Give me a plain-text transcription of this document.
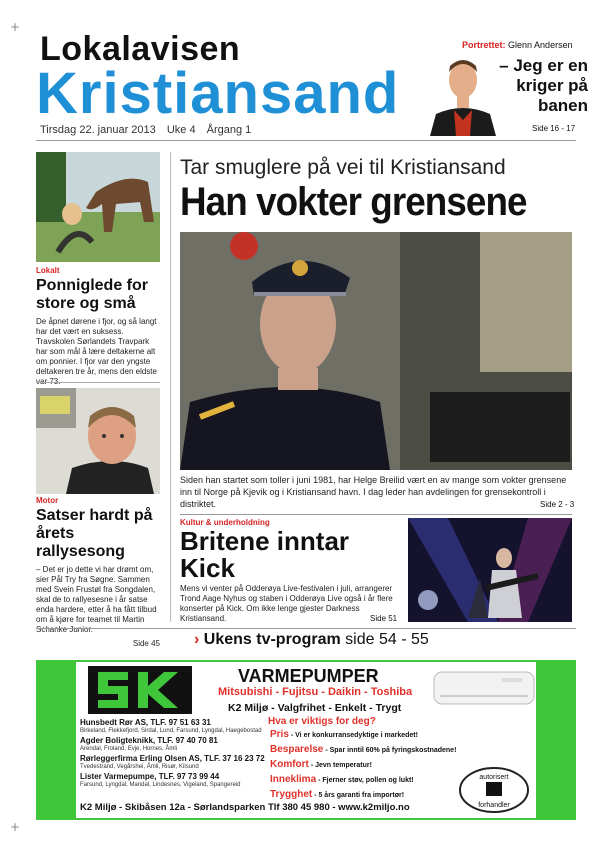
+
+
Lokalavisen
Kristiansand
Tirsdag 22. januar 2013 Uke 4 Årgang 1
Portrettet: Glenn Andersen
– Jeg er en kriger på banen
Side 16 - 17
Lokalt
Ponniglede for store og små
De åpnet dørene i fjor, og så langt har det vært en suksess. Travskolen Sørlandets Travpark har som mål å lære deltakerne alt om ponnier. I fjor var den yngste deltakeren tre år, mens den eldste var 73.
Motor
Satser hardt på årets rallysesong
– Det er jo dette vi har drømt om, sier Pål Try fra Søgne. Sammen med Svein Frustøl fra Songdalen, skal de to rallyesesne i år satse enda hardere, etter å ha fått tilbud om å kjøre for teamet til Martin Schanke Junior.
Side 45
Tar smuglere på vei til Kristiansand
Han vokter grensene
Siden han startet som toller i juni 1981, har Helge Breilid vært en av mange som vokter grensene inn til Norge på Kjevik og i Kristiansand havn. I dag leder han avdelingen for grensekontroll i distriktet.	Side 2 - 3
Kultur & underholdning
Britene inntar Kick
Mens vi venter på Odderøya Live-festivalen i juli, arrangerer Trond Aage Nyhus og staben i Odderøya Live også i år flere konserter på Kick. Om ikke lenge gjester Darkness Kristiansand.	Side 51
› Ukens tv-program side 54 - 55
Hunsbedt Rør AS, TLF. 97 51 63 31
Birkeland, Flekkefjord, Sirdal, Lund, Farsund, Lyngdal, Haegebostad
Agder Boligteknikk, TLF. 97 40 70 81
Arendal, Froland, Evje, Hornes, Åmli
Rørleggerfirma Erling Olsen AS, TLF. 37 16 23 72
Tvedestrand, Vegårshei, Åmli, Risør, Kilsund
Lister Varmepumpe, TLF. 97 73 99 44
Farsund, Lyngdal, Mandal, Lindesnes, Vigeland, Spangereid
VARMEPUMPER
Mitsubishi - Fujitsu - Daikin - Toshiba
K2 Miljø - Valgfrihet - Enkelt - Trygt
Hva er viktigs for deg?
Pris - Vi er konkurransedyktige i markedet!
Besparelse - Spar inntil 60% på fyringskostnadene!
Komfort - Jevn temperatur!
Inneklima - Fjerner støv, pollen og lukt!
Trygghet - 5 års garanti fra importør!
autorisert
forhandler
K2 Miljø - Skibåsen 12a - Sørlandsparken Tlf 380 45 980 - www.k2miljo.no
